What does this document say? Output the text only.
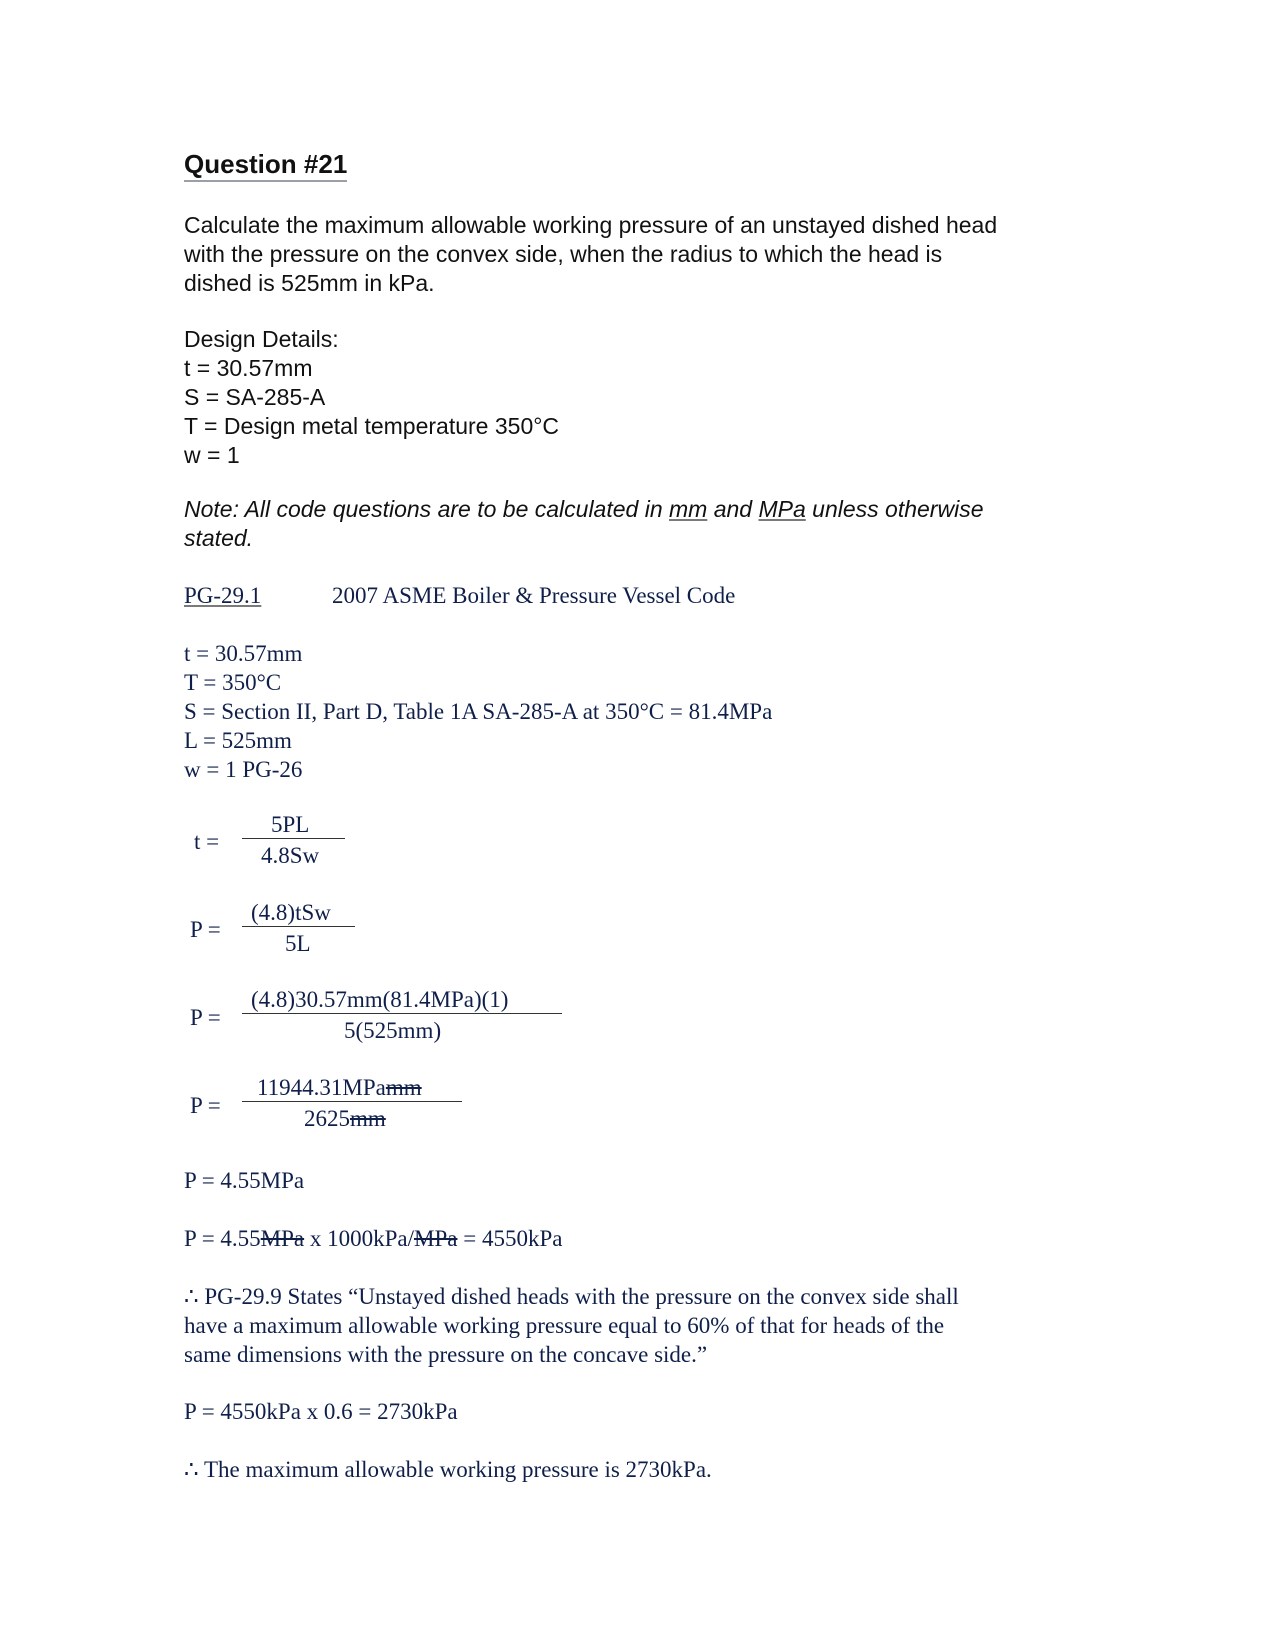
Question #21
Calculate the maximum allowable working pressure of an unstayed dished head
with the pressure on the convex side, when the radius to which the head is
dished is 525mm in kPa.
Design Details:
t = 30.57mm
S = SA-285-A
T = Design metal temperature 350°C
w = 1
Note: All code questions are to be calculated in mm and MPa unless otherwise
stated.
PG-29.1	2007 ASME Boiler & Pressure Vessel Code
t = 30.57mm
T = 350°C
S = Section II, Part D, Table 1A SA-285-A at 350°C = 81.4MPa
L = 525mm
w = 1 PG-26
t =
5PL
4.8Sw
P =
(4.8)tSw
5L
P =
(4.8)30.57mm(81.4MPa)(1)
5(525mm)
P =
11944.31MPamm
2625mm
P = 4.55MPa
P = 4.55MPa x 1000kPa/MPa = 4550kPa
∴ PG-29.9 States “Unstayed dished heads with the pressure on the convex side shall
have a maximum allowable working pressure equal to 60% of that for heads of the
same dimensions with the pressure on the concave side.”
P = 4550kPa x 0.6 = 2730kPa
∴ The maximum allowable working pressure is 2730kPa.
